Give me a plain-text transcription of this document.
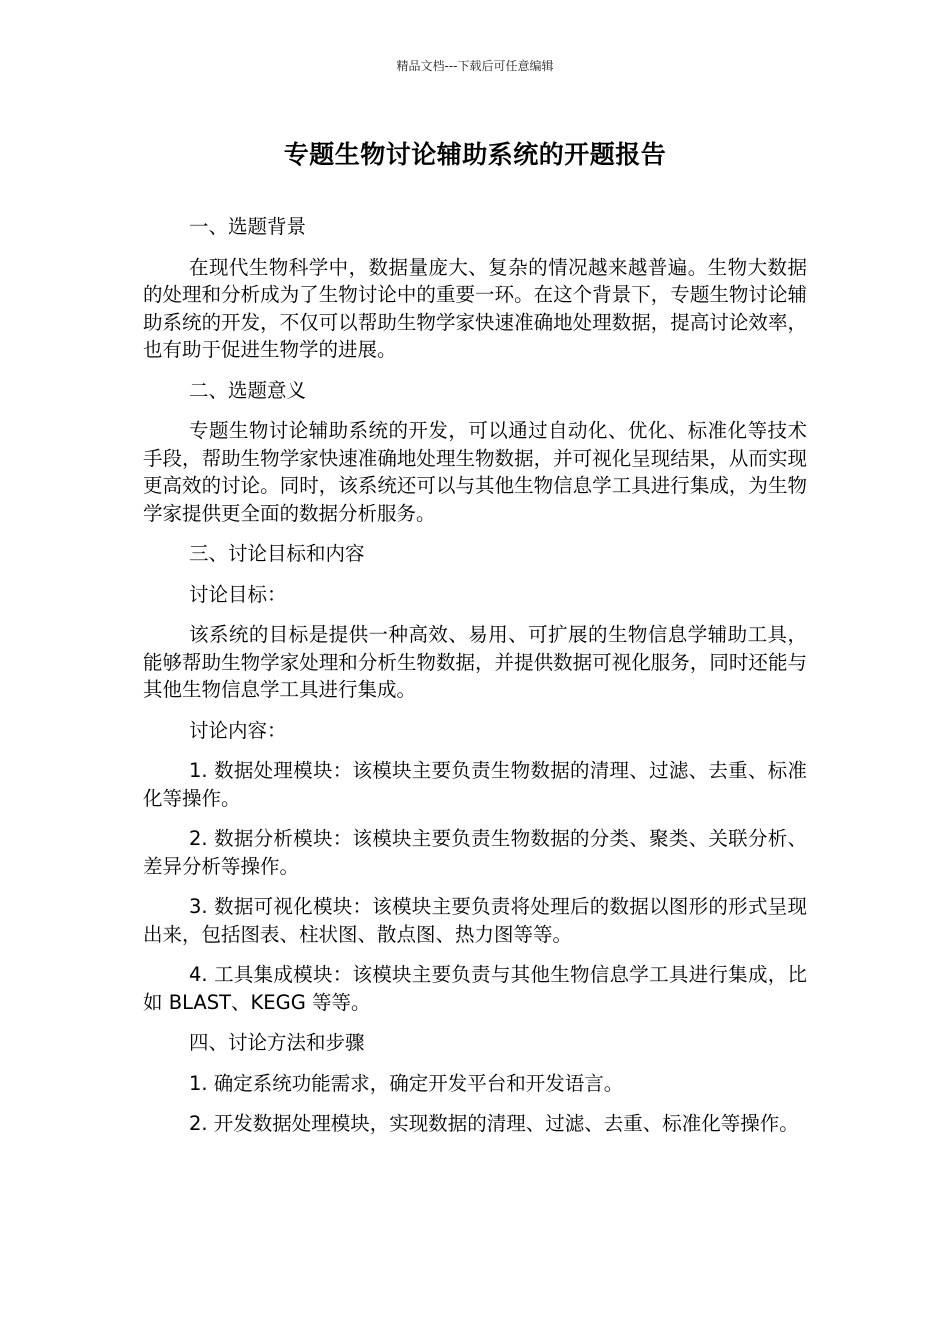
精品文档---下载后可任意编辑
专题生物讨论辅助系统的开题报告

一、选题背景

在现代生物科学中，数据量庞大、复杂的情况越来越普遍。生物大数据的处理和分析成为了生物讨论中的重要一环。在这个背景下，专题生物讨论辅助系统的开发，不仅可以帮助生物学家快速准确地处理数据，提高讨论效率，也有助于促进生物学的进展。

二、选题意义

专题生物讨论辅助系统的开发，可以通过自动化、优化、标准化等技术手段，帮助生物学家快速准确地处理生物数据，并可视化呈现结果，从而实现更高效的讨论。同时，该系统还可以与其他生物信息学工具进行集成，为生物学家提供更全面的数据分析服务。

三、讨论目标和内容

讨论目标：

该系统的目标是提供一种高效、易用、可扩展的生物信息学辅助工具，能够帮助生物学家处理和分析生物数据，并提供数据可视化服务，同时还能与其他生物信息学工具进行集成。

讨论内容：

1. 数据处理模块：该模块主要负责生物数据的清理、过滤、去重、标准化等操作。

2. 数据分析模块：该模块主要负责生物数据的分类、聚类、关联分析、差异分析等操作。

3. 数据可视化模块：该模块主要负责将处理后的数据以图形的形式呈现出来，包括图表、柱状图、散点图、热力图等等。

4. 工具集成模块：该模块主要负责与其他生物信息学工具进行集成，比如 BLAST、KEGG 等等。

四、讨论方法和步骤

1. 确定系统功能需求，确定开发平台和开发语言。

2. 开发数据处理模块，实现数据的清理、过滤、去重、标准化等操作。
